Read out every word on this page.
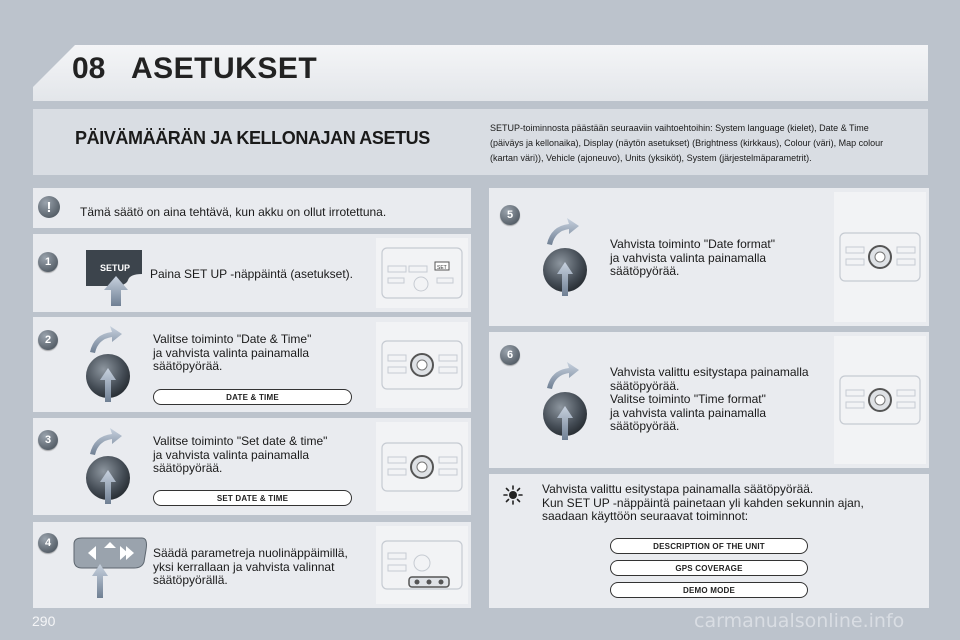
08 ASETUKSET
PÄIVÄMÄÄRÄN JA KELLONAJAN ASETUS	SETUP-toiminnosta päästään seuraaviin vaihtoehtoihin: System language (kielet), Date & Time
(päiväys ja kellonaika), Display (näytön asetukset) (Brightness (kirkkaus), Colour (väri), Map colour
(kartan väri)), Vehicle (ajoneuvo), Units (yksiköt), System (järjestelmäparametrit).
!	Tämä säätö on aina tehtävä, kun akku on ollut irrotettuna.
1	SETUP Paina SET UP -näppäintä (asetukset).	SET
2	Valitse toiminto "Date & Time"
ja vahvista valinta painamalla
säätöpyörää.
DATE & TIME
3	Valitse toiminto "Set date & time"
ja vahvista valinta painamalla
säätöpyörää.
SET DATE & TIME
4
Säädä parametreja nuolinäppäimillä,
yksi kerrallaan ja vahvista valinnat
säätöpyörällä.
5
Vahvista toiminto "Date format"
ja vahvista valinta painamalla
säätöpyörää.
6
Vahvista valittu esitystapa painamalla
säätöpyörää.
Valitse toiminto "Time format"
ja vahvista valinta painamalla
säätöpyörää.
Vahvista valittu esitystapa painamalla säätöpyörää.
Kun SET UP -näppäintä painetaan yli kahden sekunnin ajan,
saadaan käyttöön seuraavat toiminnot:
DESCRIPTION OF THE UNIT
GPS COVERAGE
DEMO MODE
290	carmanualsonline.info
